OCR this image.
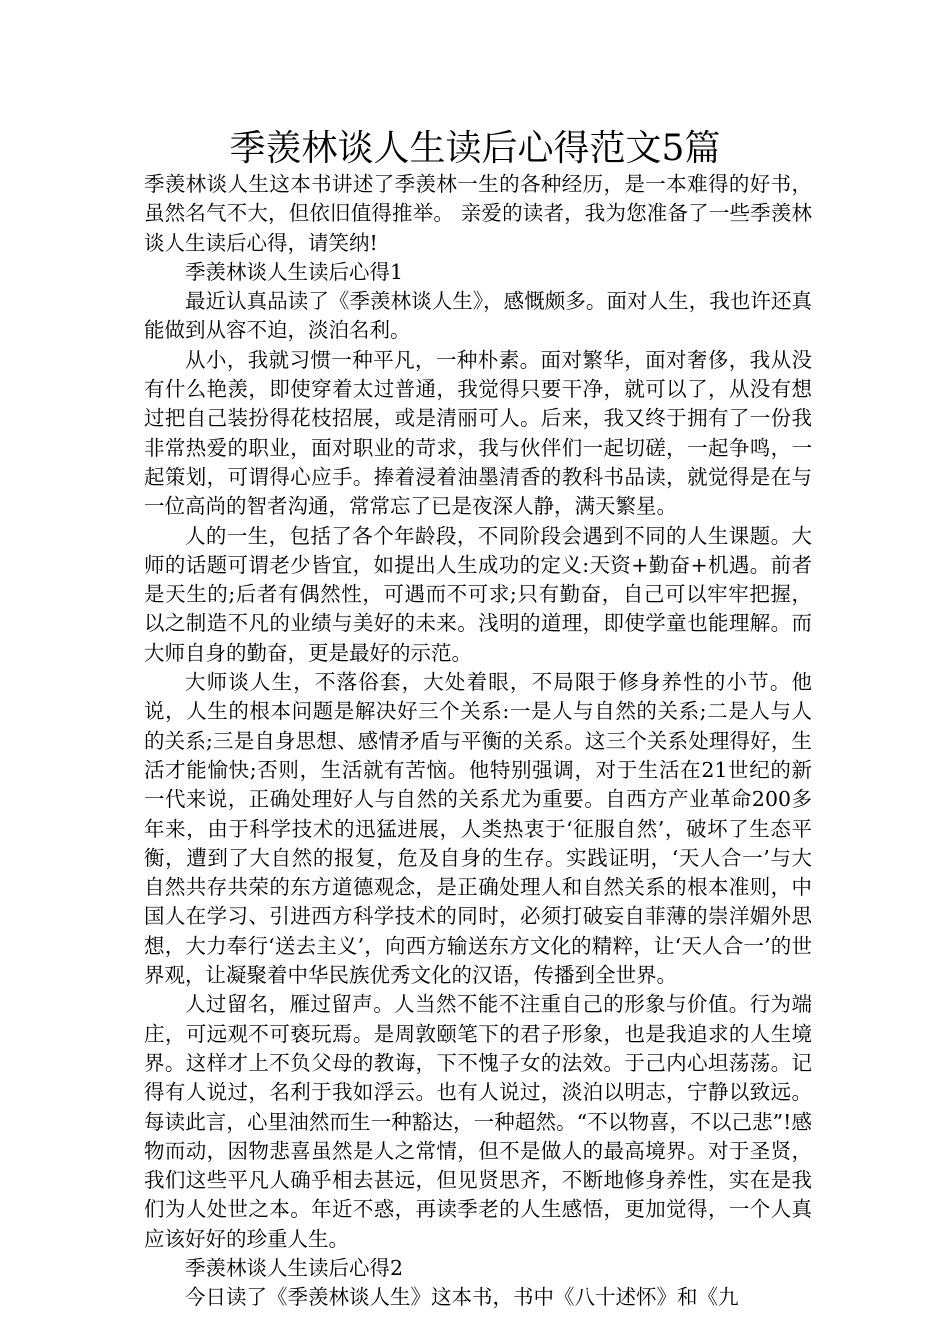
季羡林谈人生读后心得范文5篇

季羡林谈人生这本书讲述了季羡林一生的各种经历，是一本难得的好书，虽然名气不大，但依旧值得推举。 亲爱的读者，我为您准备了一些季羡林谈人生读后心得，请笑纳!

季羡林谈人生读后心得1

最近认真品读了《季羡林谈人生》，感慨颇多。面对人生，我也许还真能做到从容不迫，淡泊名利。

从小，我就习惯一种平凡，一种朴素。面对繁华，面对奢侈，我从没有什么艳羡，即使穿着太过普通，我觉得只要干净，就可以了，从没有想过把自己装扮得花枝招展，或是清丽可人。后来，我又终于拥有了一份我非常热爱的职业，面对职业的苛求，我与伙伴们一起切磋，一起争鸣，一起策划，可谓得心应手。捧着浸着油墨清香的教科书品读，就觉得是在与一位高尚的智者沟通，常常忘了已是夜深人静，满天繁星。

人的一生，包括了各个年龄段，不同阶段会遇到不同的人生课题。大师的话题可谓老少皆宜，如提出人生成功的定义:天资+勤奋+机遇。前者是天生的;后者有偶然性，可遇而不可求;只有勤奋，自己可以牢牢把握，以之制造不凡的业绩与美好的未来。浅明的道理，即使学童也能理解。而大师自身的勤奋，更是最好的示范。

大师谈人生，不落俗套，大处着眼，不局限于修身养性的小节。他说，人生的根本问题是解决好三个关系:一是人与自然的关系;二是人与人的关系;三是自身思想、感情矛盾与平衡的关系。这三个关系处理得好，生活才能愉快;否则，生活就有苦恼。他特别强调，对于生活在21世纪的新一代来说，正确处理好人与自然的关系尤为重要。自西方产业革命200多年来，由于科学技术的迅猛进展，人类热衷于‘征服自然’，破坏了生态平衡，遭到了大自然的报复，危及自身的生存。实践证明，‘天人合一’与大自然共存共荣的东方道德观念，是正确处理人和自然关系的根本准则，中国人在学习、引进西方科学技术的同时，必须打破妄自菲薄的崇洋媚外思想，大力奉行‘送去主义’，向西方输送东方文化的精粹，让‘天人合一’的世界观，让凝聚着中华民族优秀文化的汉语，传播到全世界。

人过留名，雁过留声。人当然不能不注重自己的形象与价值。行为端庄，可远观不可亵玩焉。是周敦颐笔下的君子形象，也是我追求的人生境界。这样才上不负父母的教诲，下不愧子女的法效。于己内心坦荡荡。记得有人说过，名利于我如浮云。也有人说过，淡泊以明志，宁静以致远。每读此言，心里油然而生一种豁达，一种超然。“不以物喜，不以己悲”!感物而动，因物悲喜虽然是人之常情，但不是做人的最高境界。对于圣贤，我们这些平凡人确乎相去甚远，但见贤思齐，不断地修身养性，实在是我们为人处世之本。年近不惑，再读季老的人生感悟，更加觉得，一个人真应该好好的珍重人生。

季羡林谈人生读后心得2

今日读了《季羡林谈人生》这本书，书中《八十述怀》和《九
